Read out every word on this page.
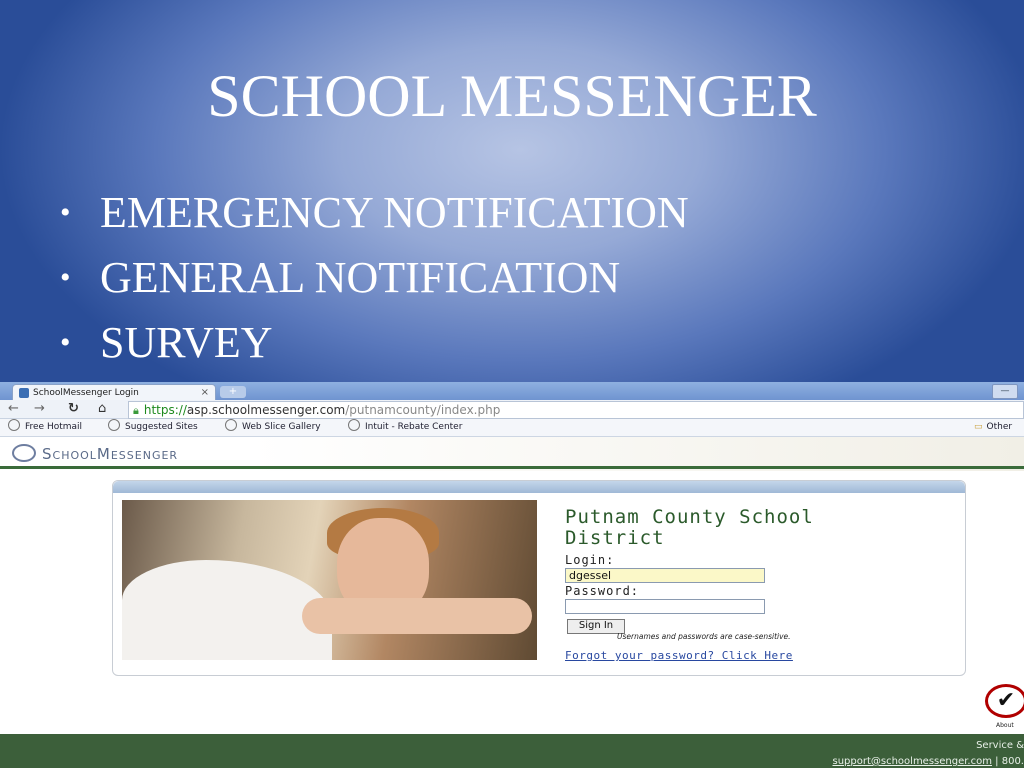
SCHOOL MESSENGER
• EMERGENCY NOTIFICATION
• GENERAL NOTIFICATION
• SURVEY
SchoolMessenger Login	×	+	—
← → ↻ ⌂	🔒︎ https://asp.schoolmessenger.com/putnamcounty/index.php
Free Hotmail	Suggested Sites	Web Slice Gallery	Intuit - Rebate Center	▭ Other
SchoolMessenger
Putnam County School District
Login:
dgessel
Password:
Sign In
Usernames and passwords are case-sensitive.
Forgot your password? Click Here
✔
About
Service &
support@schoolmessenger.com | 800.
